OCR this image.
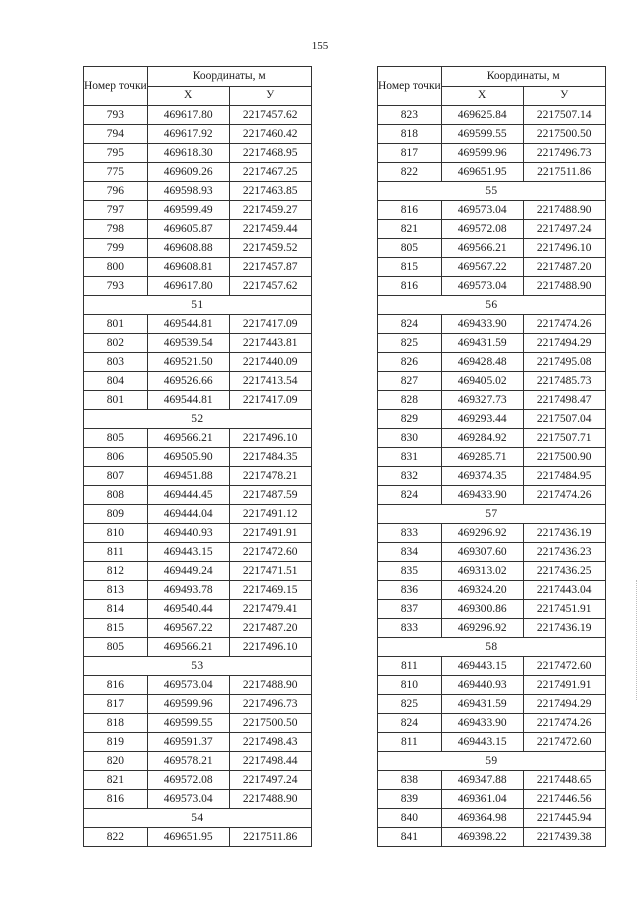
155
Номер точки	Координаты, м	
	X	У
793	469617.80	2217457.62
794	469617.92	2217460.42
795	469618.30	2217468.95
775	469609.26	2217467.25
796	469598.93	2217463.85
797	469599.49	2217459.27
798	469605.87	2217459.44
799	469608.88	2217459.52
800	469608.81	2217457.87
793	469617.80	2217457.62
51		
801	469544.81	2217417.09
802	469539.54	2217443.81
803	469521.50	2217440.09
804	469526.66	2217413.54
801	469544.81	2217417.09
52		
805	469566.21	2217496.10
806	469505.90	2217484.35
807	469451.88	2217478.21
808	469444.45	2217487.59
809	469444.04	2217491.12
810	469440.93	2217491.91
811	469443.15	2217472.60
812	469449.24	2217471.51
813	469493.78	2217469.15
814	469540.44	2217479.41
815	469567.22	2217487.20
805	469566.21	2217496.10
53		
816	469573.04	2217488.90
817	469599.96	2217496.73
818	469599.55	2217500.50
819	469591.37	2217498.43
820	469578.21	2217498.44
821	469572.08	2217497.24
816	469573.04	2217488.90
54		
822	469651.95	2217511.86
Номер точки	Координаты, м	
	X	У
823	469625.84	2217507.14
818	469599.55	2217500.50
817	469599.96	2217496.73
822	469651.95	2217511.86
55		
816	469573.04	2217488.90
821	469572.08	2217497.24
805	469566.21	2217496.10
815	469567.22	2217487.20
816	469573.04	2217488.90
56		
824	469433.90	2217474.26
825	469431.59	2217494.29
826	469428.48	2217495.08
827	469405.02	2217485.73
828	469327.73	2217498.47
829	469293.44	2217507.04
830	469284.92	2217507.71
831	469285.71	2217500.90
832	469374.35	2217484.95
824	469433.90	2217474.26
57		
833	469296.92	2217436.19
834	469307.60	2217436.23
835	469313.02	2217436.25
836	469324.20	2217443.04
837	469300.86	2217451.91
833	469296.92	2217436.19
58		
811	469443.15	2217472.60
810	469440.93	2217491.91
825	469431.59	2217494.29
824	469433.90	2217474.26
811	469443.15	2217472.60
59		
838	469347.88	2217448.65
839	469361.04	2217446.56
840	469364.98	2217445.94
841	469398.22	2217439.38
